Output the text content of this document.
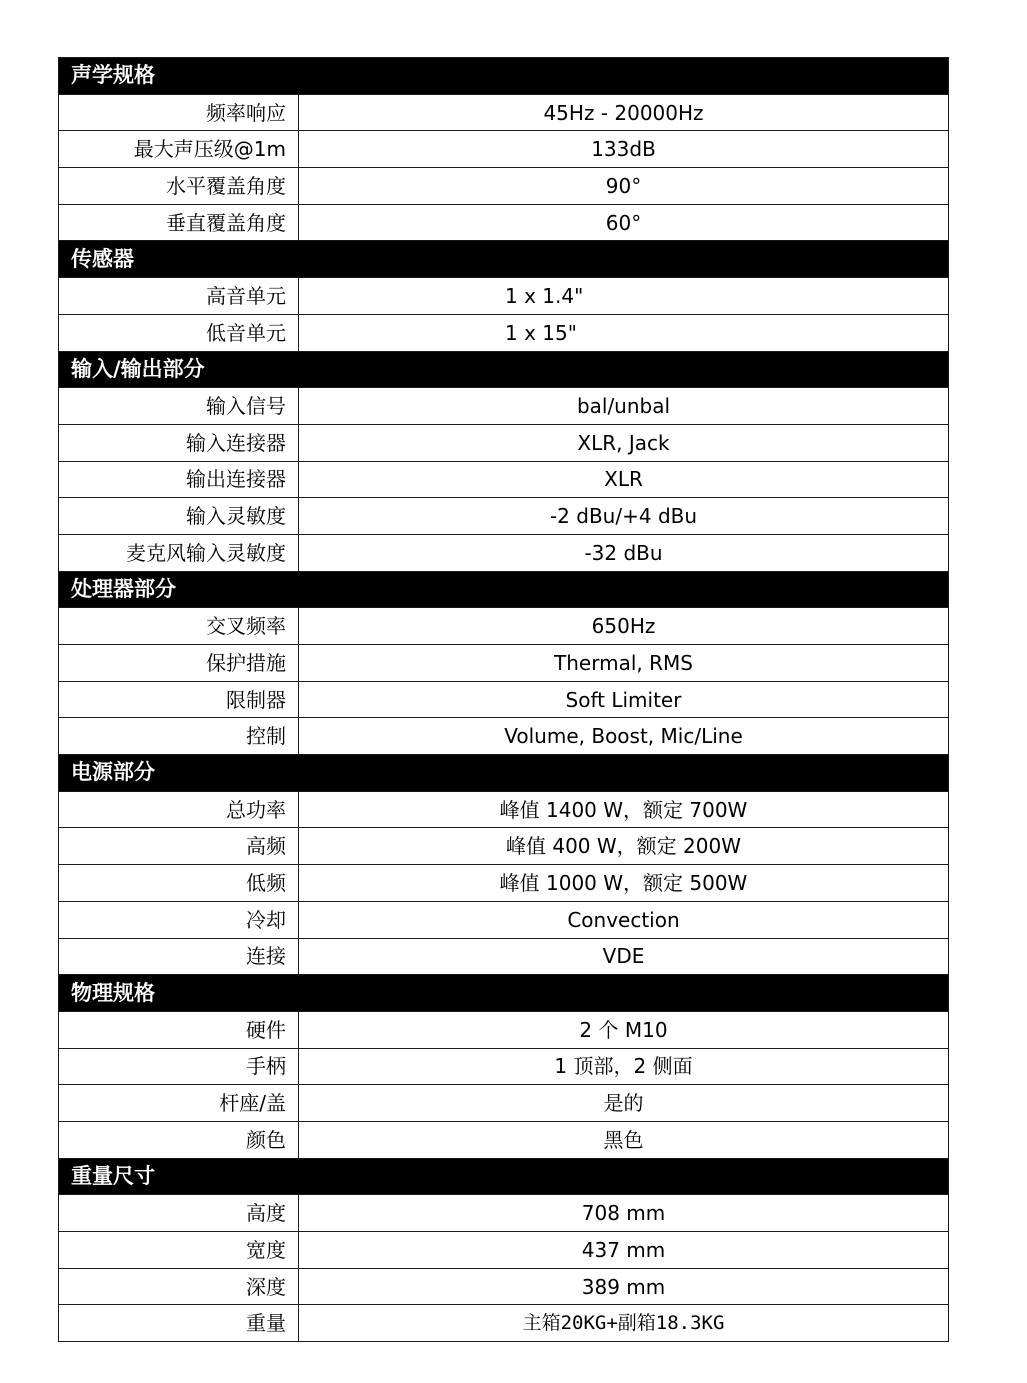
声学规格	
频率响应	45Hz - 20000Hz
最大声压级@1m	133dB
水平覆盖角度	90°
垂直覆盖角度	60°
传感器	
高音单元	1 x 1.4"
低音单元	1 x 15"
输入/输出部分	
输入信号	bal/unbal
输入连接器	XLR, Jack
输出连接器	XLR
输入灵敏度	-2 dBu/+4 dBu
麦克风输入灵敏度	-32 dBu
处理器部分	
交叉频率	650Hz
保护措施	Thermal, RMS
限制器	Soft Limiter
控制	Volume, Boost, Mic/Line
电源部分	
总功率	峰值 1400 W，额定 700W
高频	峰值 400 W，额定 200W
低频	峰值 1000 W，额定 500W
冷却	Convection
连接	VDE
物理规格	
硬件	2 个 M10
手柄	1 顶部，2 侧面
杆座/盖	是的
颜色	黑色
重量尺寸	
高度	708 mm
宽度	437 mm
深度	389 mm
重量	主箱20KG+副箱18.3KG
